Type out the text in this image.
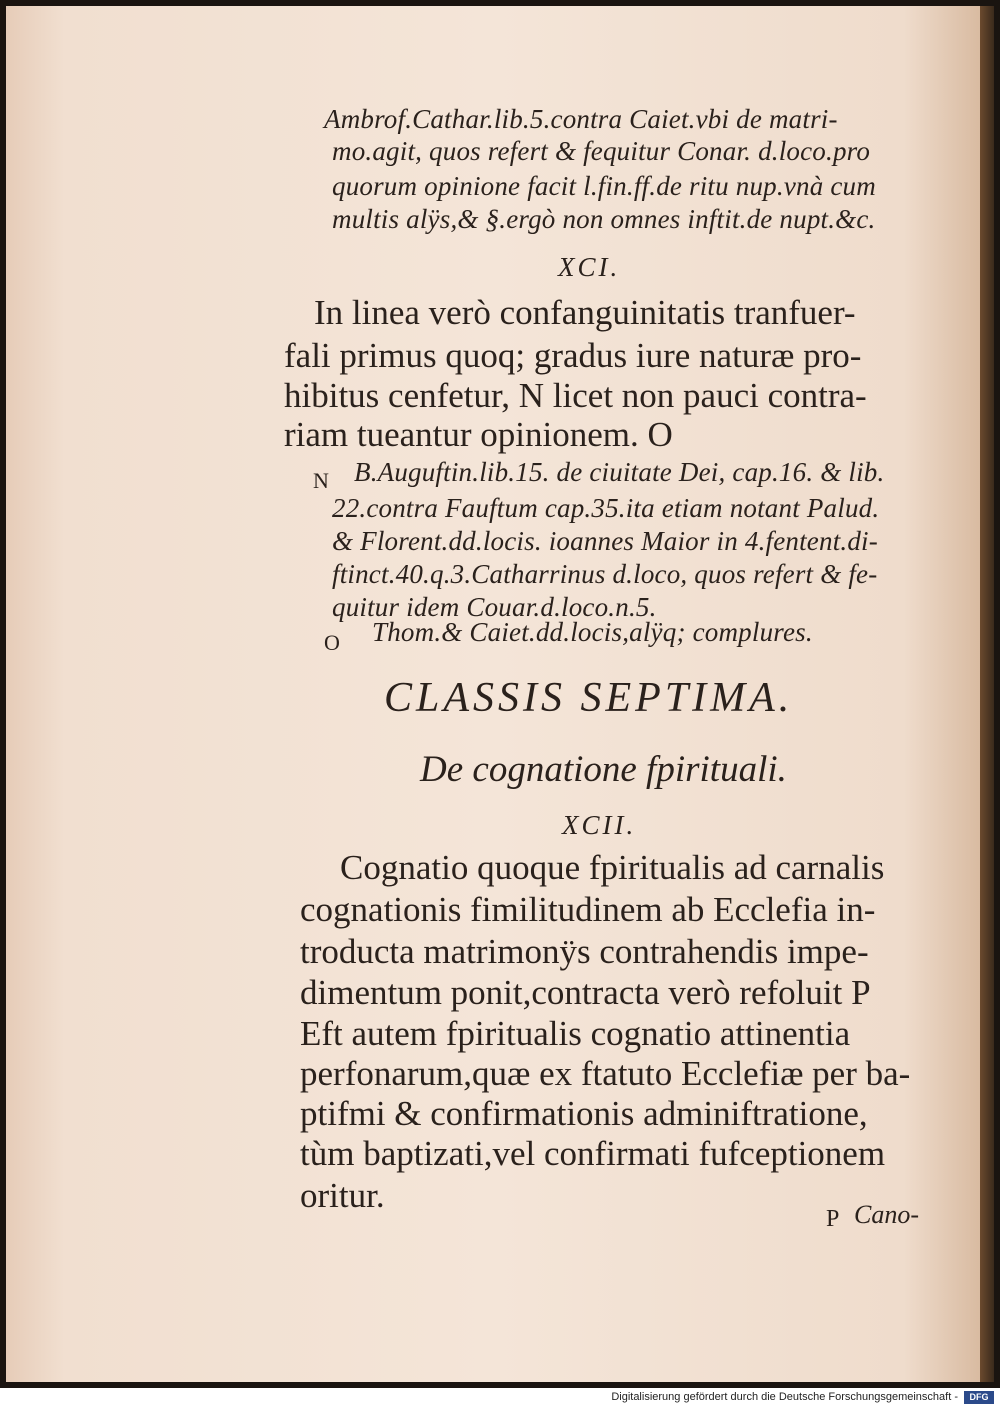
Ambrof.Cathar.lib.5.contra Caiet.vbi de matri-
mo.agit, quos refert & fequitur Conar. d.loco.pro
quorum opinione facit l.fin.ff.de ritu nup.vnà cum
multis alÿs,& §.ergò non omnes inftit.de nupt.&c.
XCI.
In linea verò confanguinitatis tranfuer-
fali primus quoq; gradus iure naturæ pro-
hibitus cenfetur, N licet non pauci contra-
riam tueantur opinionem. O
N B.Auguftin.lib.15. de ciuitate Dei, cap.16. & lib.
22.contra Fauftum cap.35.ita etiam notant Palud.
& Florent.dd.locis. ioannes Maior in 4.fentent.di-
ftinct.40.q.3.Catharrinus d.loco, quos refert & fe-
quitur idem Couar.d.loco.n.5.
O Thom.& Caiet.dd.locis,alÿq; complures.
CLASSIS SEPTIMA.
De cognatione fpirituali.
XCII.
Cognatio quoque fpiritualis ad carnalis
cognationis fimilitudinem ab Ecclefia in-
troducta matrimonÿs contrahendis impe-
dimentum ponit,contracta verò refoluit P
Eft autem fpiritualis cognatio attinentia
perfonarum,quæ ex ftatuto Ecclefiæ per ba-
ptifmi & confirmationis adminiftratione,
tùm baptizati,vel confirmati fufceptionem
oritur.
P Cano-
Digitalisierung gefördert durch die Deutsche Forschungsgemeinschaft -	DFG
